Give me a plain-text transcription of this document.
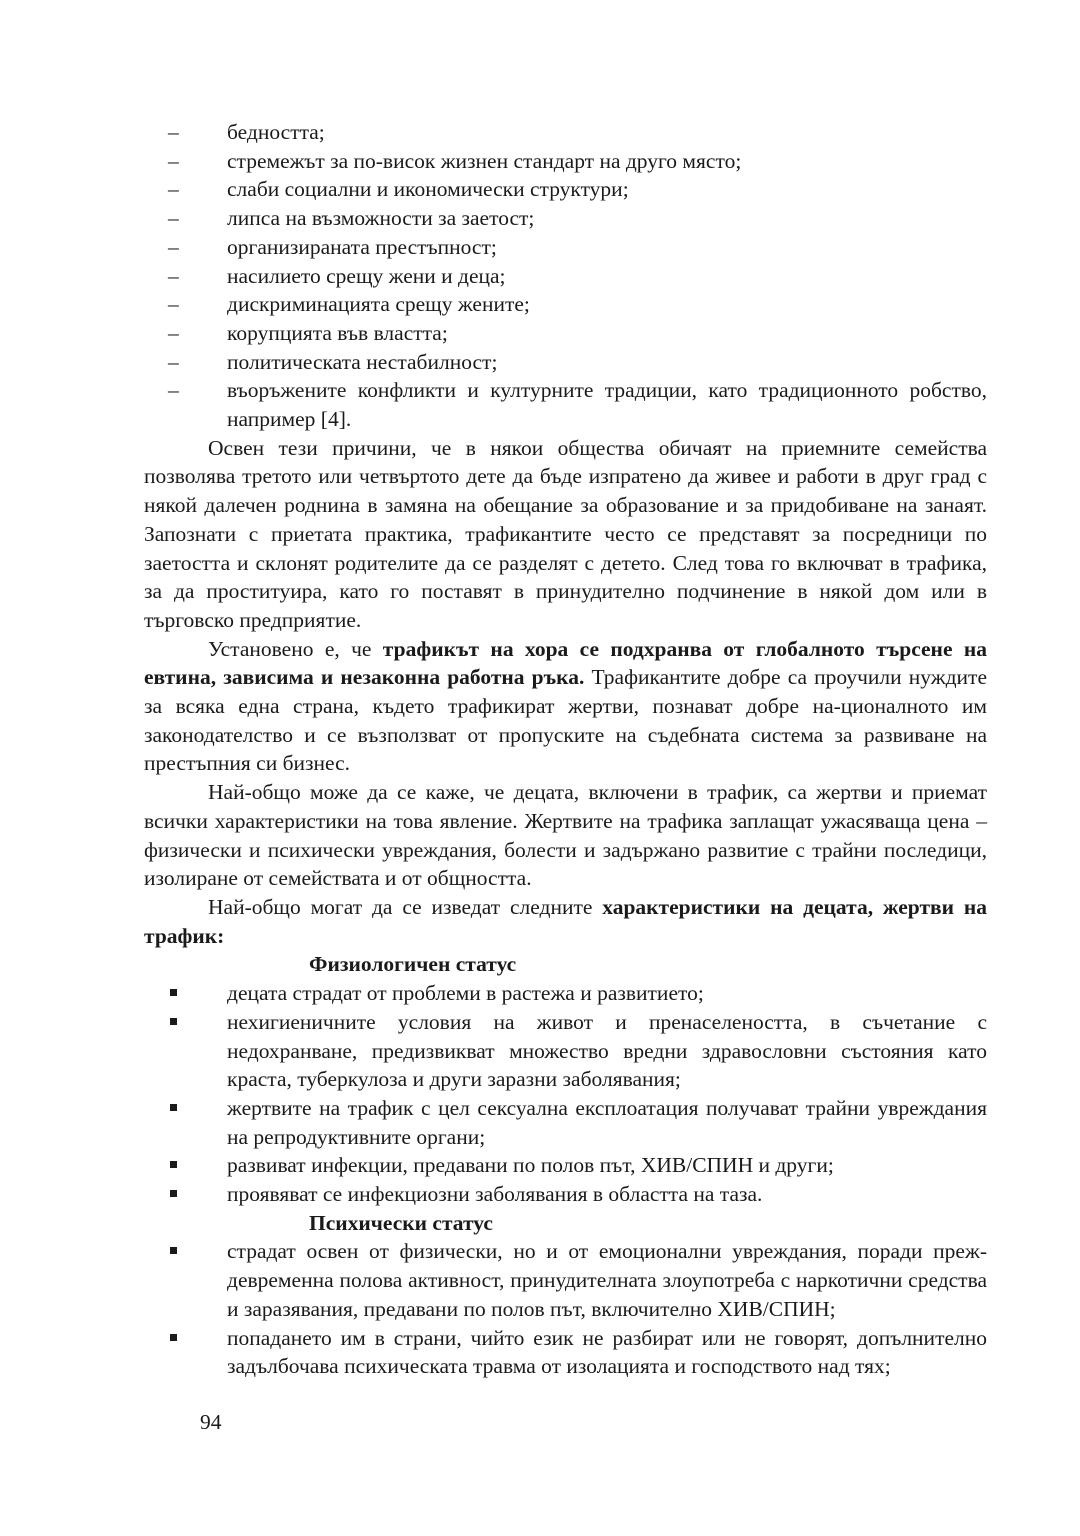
– бедността;
– стремежът за по-висок жизнен стандарт на друго място;
– слаби социални и икономически структури;
– липса на възможности за заетост;
– организираната престъпност;
– насилието срещу жени и деца;
– дискриминацията срещу жените;
– корупцията във властта;
– политическата нестабилност;
– въоръжените конфликти и културните традиции, като традиционното робство, например [4].

Освен тези причини, че в някои общества обичаят на приемните семейства позволява третото или четвъртото дете да бъде изпратено да живее и работи в друг град с някой далечен роднина в замяна на обещание за образование и за придобиване на занаят. Запознати с приетата практика, трафикантите често се представят за посредници по заетостта и склонят родителите да се разделят с детето. След това го включват в трафика, за да проституира, като го поставят в принудително подчинение в някой дом или в търговско предприятие.

Установено е, че трафикът на хора се подхранва от глобалното търсене на евтина, зависима и незаконна работна ръка. Трафикантите добре са проучили нуждите за всяка една страна, където трафикират жертви, познават добре на-ционалното им законодателство и се възползват от пропуските на съдебната система за развиване на престъпния си бизнес.

Най-общо може да се каже, че децата, включени в трафик, са жертви и приемат всички характеристики на това явление. Жертвите на трафика заплащат ужасяваща цена – физически и психически увреждания, болести и задържано развитие с трайни последици, изолиране от семействата и от общността.

Най-общо могат да се изведат следните характеристики на децата, жертви на трафик:

Физиологичен статус

децата страдат от проблеми в растежа и развитието;
нехигиеничните условия на живот и пренаселеността, в съчетание с недохранване, предизвикват множество вредни здравословни състояния като краста, туберкулоза и други заразни заболявания;
жертвите на трафик с цел сексуална експлоатация получават трайни увреждания на репродуктивните органи;
развиват инфекции, предавани по полов път, ХИВ/СПИН и други;
проявяват се инфекциозни заболявания в областта на таза.

Психически статус

страдат освен от физически, но и от емоционални увреждания, поради преж-девременна полова активност, принудителната злоупотреба с наркотични средства и заразявания, предавани по полов път, включително ХИВ/СПИН;
попадането им в страни, чийто език не разбират или не говорят, допълнително задълбочава психическата травма от изолацията и господството над тях;
94
